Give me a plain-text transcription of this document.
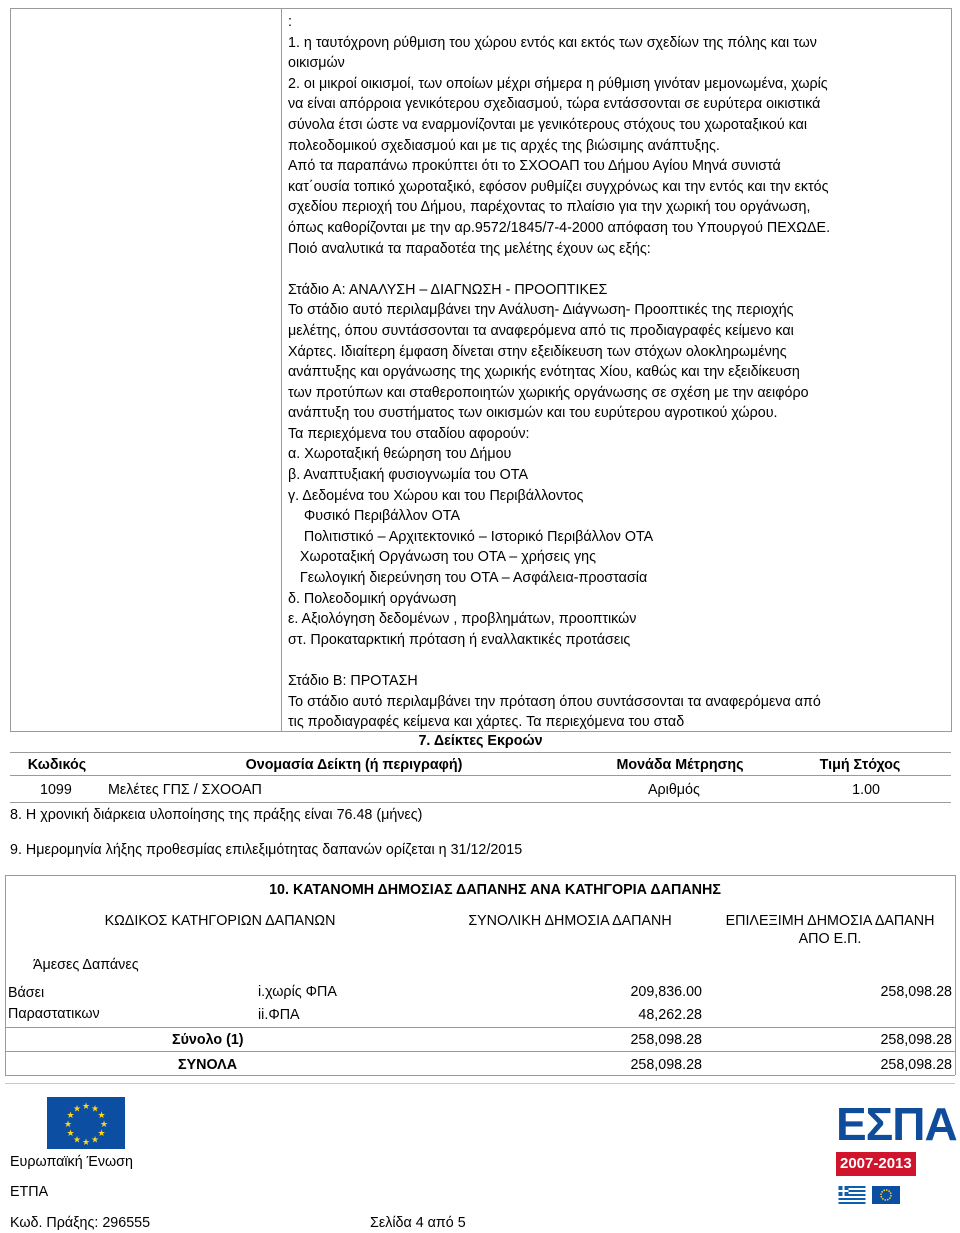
:

1. η ταυτόχρονη ρύθμιση του χώρου εντός και εκτός των σχεδίων της πόλης και των

οικισμών

2. οι μικροί οικισμοί, των οποίων μέχρι σήμερα η ρύθμιση γινόταν μεμονωμένα, χωρίς

να είναι απόρροια γενικότερου σχεδιασμού, τώρα εντάσσονται σε ευρύτερα οικιστικά

σύνολα έτσι ώστε να εναρμονίζονται με γενικότερους στόχους του χωροταξικού και

πολεοδομικού σχεδιασμού και με τις αρχές της βιώσιμης ανάπτυξης.

Από τα παραπάνω προκύπτει ότι το ΣΧΟΟΑΠ του Δήμου Αγίου Μηνά συνιστά

κατ΄ουσία τοπικό χωροταξικό, εφόσον ρυθμίζει συγχρόνως και την εντός και την εκτός

σχεδίου περιοχή του Δήμου, παρέχοντας το πλαίσιο για την χωρική του οργάνωση,

όπως καθορίζονται με την αρ.9572/1845/7-4-2000 απόφαση του Υπουργού ΠΕΧΩΔΕ.

Ποιό αναλυτικά τα παραδοτέα της μελέτης έχουν ως εξής:

Στάδιο Α: ΑΝΑΛΥΣΗ – ΔΙΑΓΝΩΣΗ - ΠΡΟΟΠΤΙΚΕΣ

Το στάδιο αυτό περιλαμβάνει την Ανάλυση- Διάγνωση- Προοπτικές της περιοχής

μελέτης, όπου συντάσσονται τα αναφερόμενα από τις προδιαγραφές κείμενο και

Χάρτες. Ιδιαίτερη έμφαση δίνεται στην εξειδίκευση των στόχων ολοκληρωμένης

ανάπτυξης και οργάνωσης της χωρικής ενότητας Χίου, καθώς και την εξειδίκευση

των προτύπων και σταθεροποιητών χωρικής οργάνωσης σε σχέση με την αειφόρο

ανάπτυξη του συστήματος των οικισμών και του ευρύτερου αγροτικού χώρου.

Τα περιεχόμενα του σταδίου αφορούν:

α. Χωροταξική θεώρηση του Δήμου

β. Αναπτυξιακή φυσιογνωμία του ΟΤΑ

γ. Δεδομένα του Χώρου και του Περιβάλλοντος

Φυσικό Περιβάλλον ΟΤΑ

Πολιτιστικό – Αρχιτεκτονικό – Ιστορικό Περιβάλλον ΟΤΑ

Χωροταξική Οργάνωση του ΟΤΑ – χρήσεις γης

Γεωλογική διερεύνηση του ΟΤΑ – Ασφάλεια-προστασία

δ. Πολεοδομική οργάνωση

ε. Αξιολόγηση δεδομένων , προβλημάτων, προοπτικών

στ. Προκαταρκτική πρόταση ή εναλλακτικές προτάσεις

Στάδιο Β: ΠΡΟΤΑΣΗ

Το στάδιο αυτό περιλαμβάνει την πρόταση όπου συντάσσονται τα αναφερόμενα από

τις προδιαγραφές κείμενα και χάρτες. Τα περιεχόμενα του σταδ

7. Δείκτες Εκροών
Κωδικός	Ονομασία Δείκτη (ή περιγραφή)	Μονάδα Μέτρησης	Τιμή Στόχος
1099	Μελέτες ΓΠΣ / ΣΧΟΟΑΠ	Αριθμός	1.00
8. Η χρονική διάρκεια υλοποίησης της πράξης είναι 76.48 (μήνες)
9. Ημερομηνία λήξης προθεσμίας επιλεξιμότητας δαπανών ορίζεται η 31/12/2015
10. ΚΑΤΑΝΟΜΗ ΔΗΜΟΣΙΑΣ ΔΑΠΑΝΗΣ ΑΝΑ ΚΑΤΗΓΟΡΙΑ ΔΑΠΑΝΗΣ
ΚΩΔΙΚΟΣ ΚΑΤΗΓΟΡΙΩΝ ΔΑΠΑΝΩΝ	ΣΥΝΟΛΙΚΗ ΔΗΜΟΣΙΑ ΔΑΠΑΝΗ	ΕΠΙΛΕΞΙΜΗ ΔΗΜΟΣΙΑ ΔΑΠΑΝΗ
ΑΠΟ Ε.Π.
Άμεσες Δαπάνες
Βάσει
Παραστατικων
i.χωρίς ΦΠΑ	209,836.00	258,098.28
ii.ΦΠΑ	48,262.28
Σύνολο (1)	258,098.28	258,098.28
ΣΥΝΟΛΑ	258,098.28	258,098.28
★ ★
★
★
★
★
★
★
★
★
★
★
Ευρωπαϊκή Ένωση
ΕΤΠΑ
Κωδ. Πράξης: 296555	Σελίδα 4 από 5
ΕΣΠΑ
2007-2013
